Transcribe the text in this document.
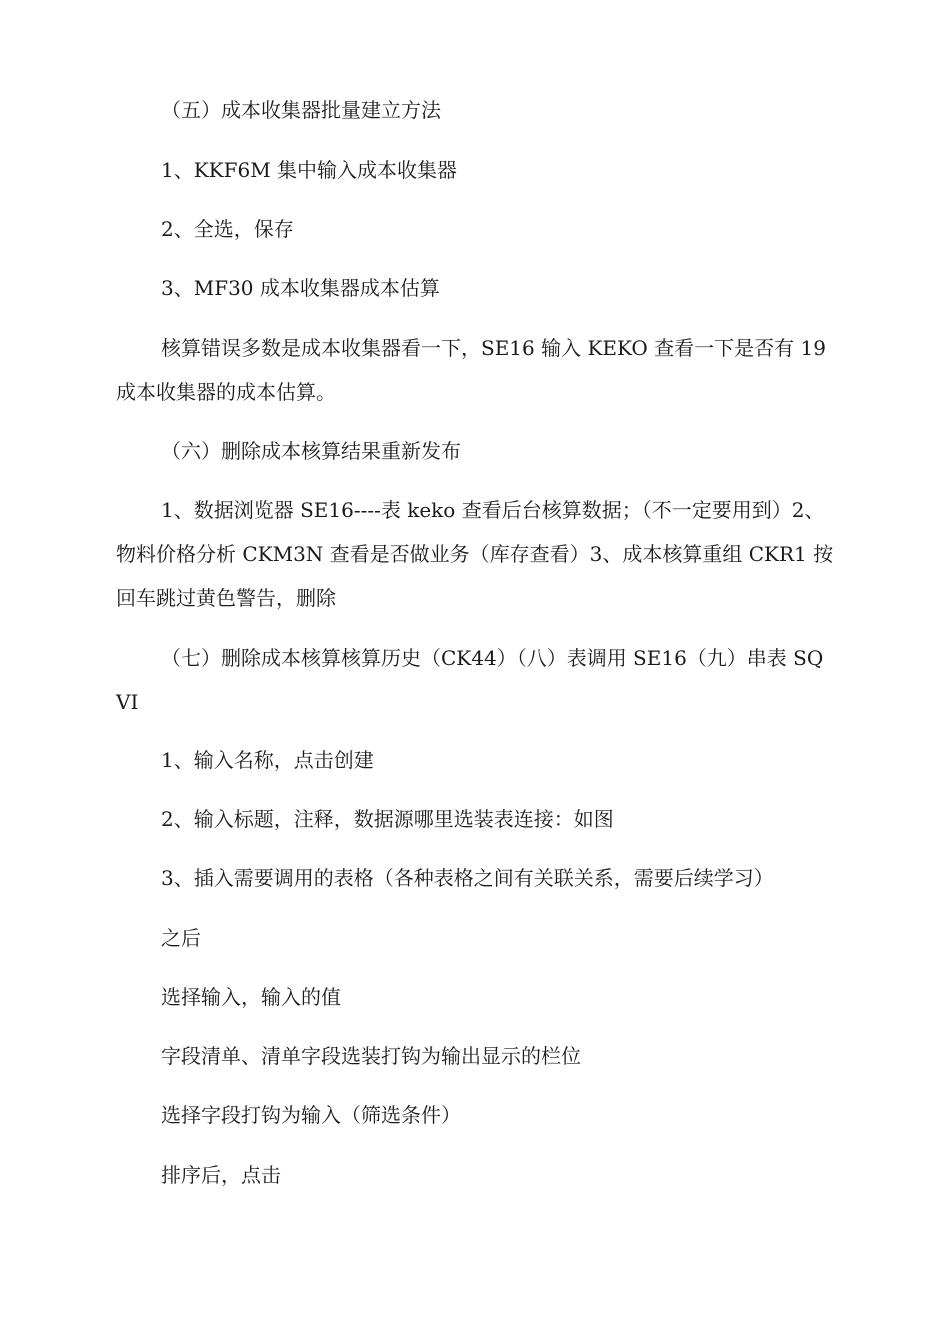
（五）成本收集器批量建立方法

1、KKF6M 集中输入成本收集器

2、全选，保存

3、MF30 成本收集器成本估算

核算错误多数是成本收集器看一下，SE16 输入 KEKO 查看一下是否有 19 成本收集器的成本估算。

（六）删除成本核算结果重新发布

1、数据浏览器 SE16----表 keko 查看后台核算数据；（不一定要用到）2、物料价格分析 CKM3N 查看是否做业务（库存查看）3、成本核算重组 CKR1 按回车跳过黄色警告，删除

（七）删除成本核算核算历史（CK44）（八）表调用 SE16（九）串表 SQVI

1、输入名称，点击创建

2、输入标题，注释，数据源哪里选装表连接：如图

3、插入需要调用的表格（各种表格之间有关联关系，需要后续学习）

之后

选择输入，输入的值

字段清单、清单字段选装打钩为输出显示的栏位

选择字段打钩为输入（筛选条件）

排序后，点击
